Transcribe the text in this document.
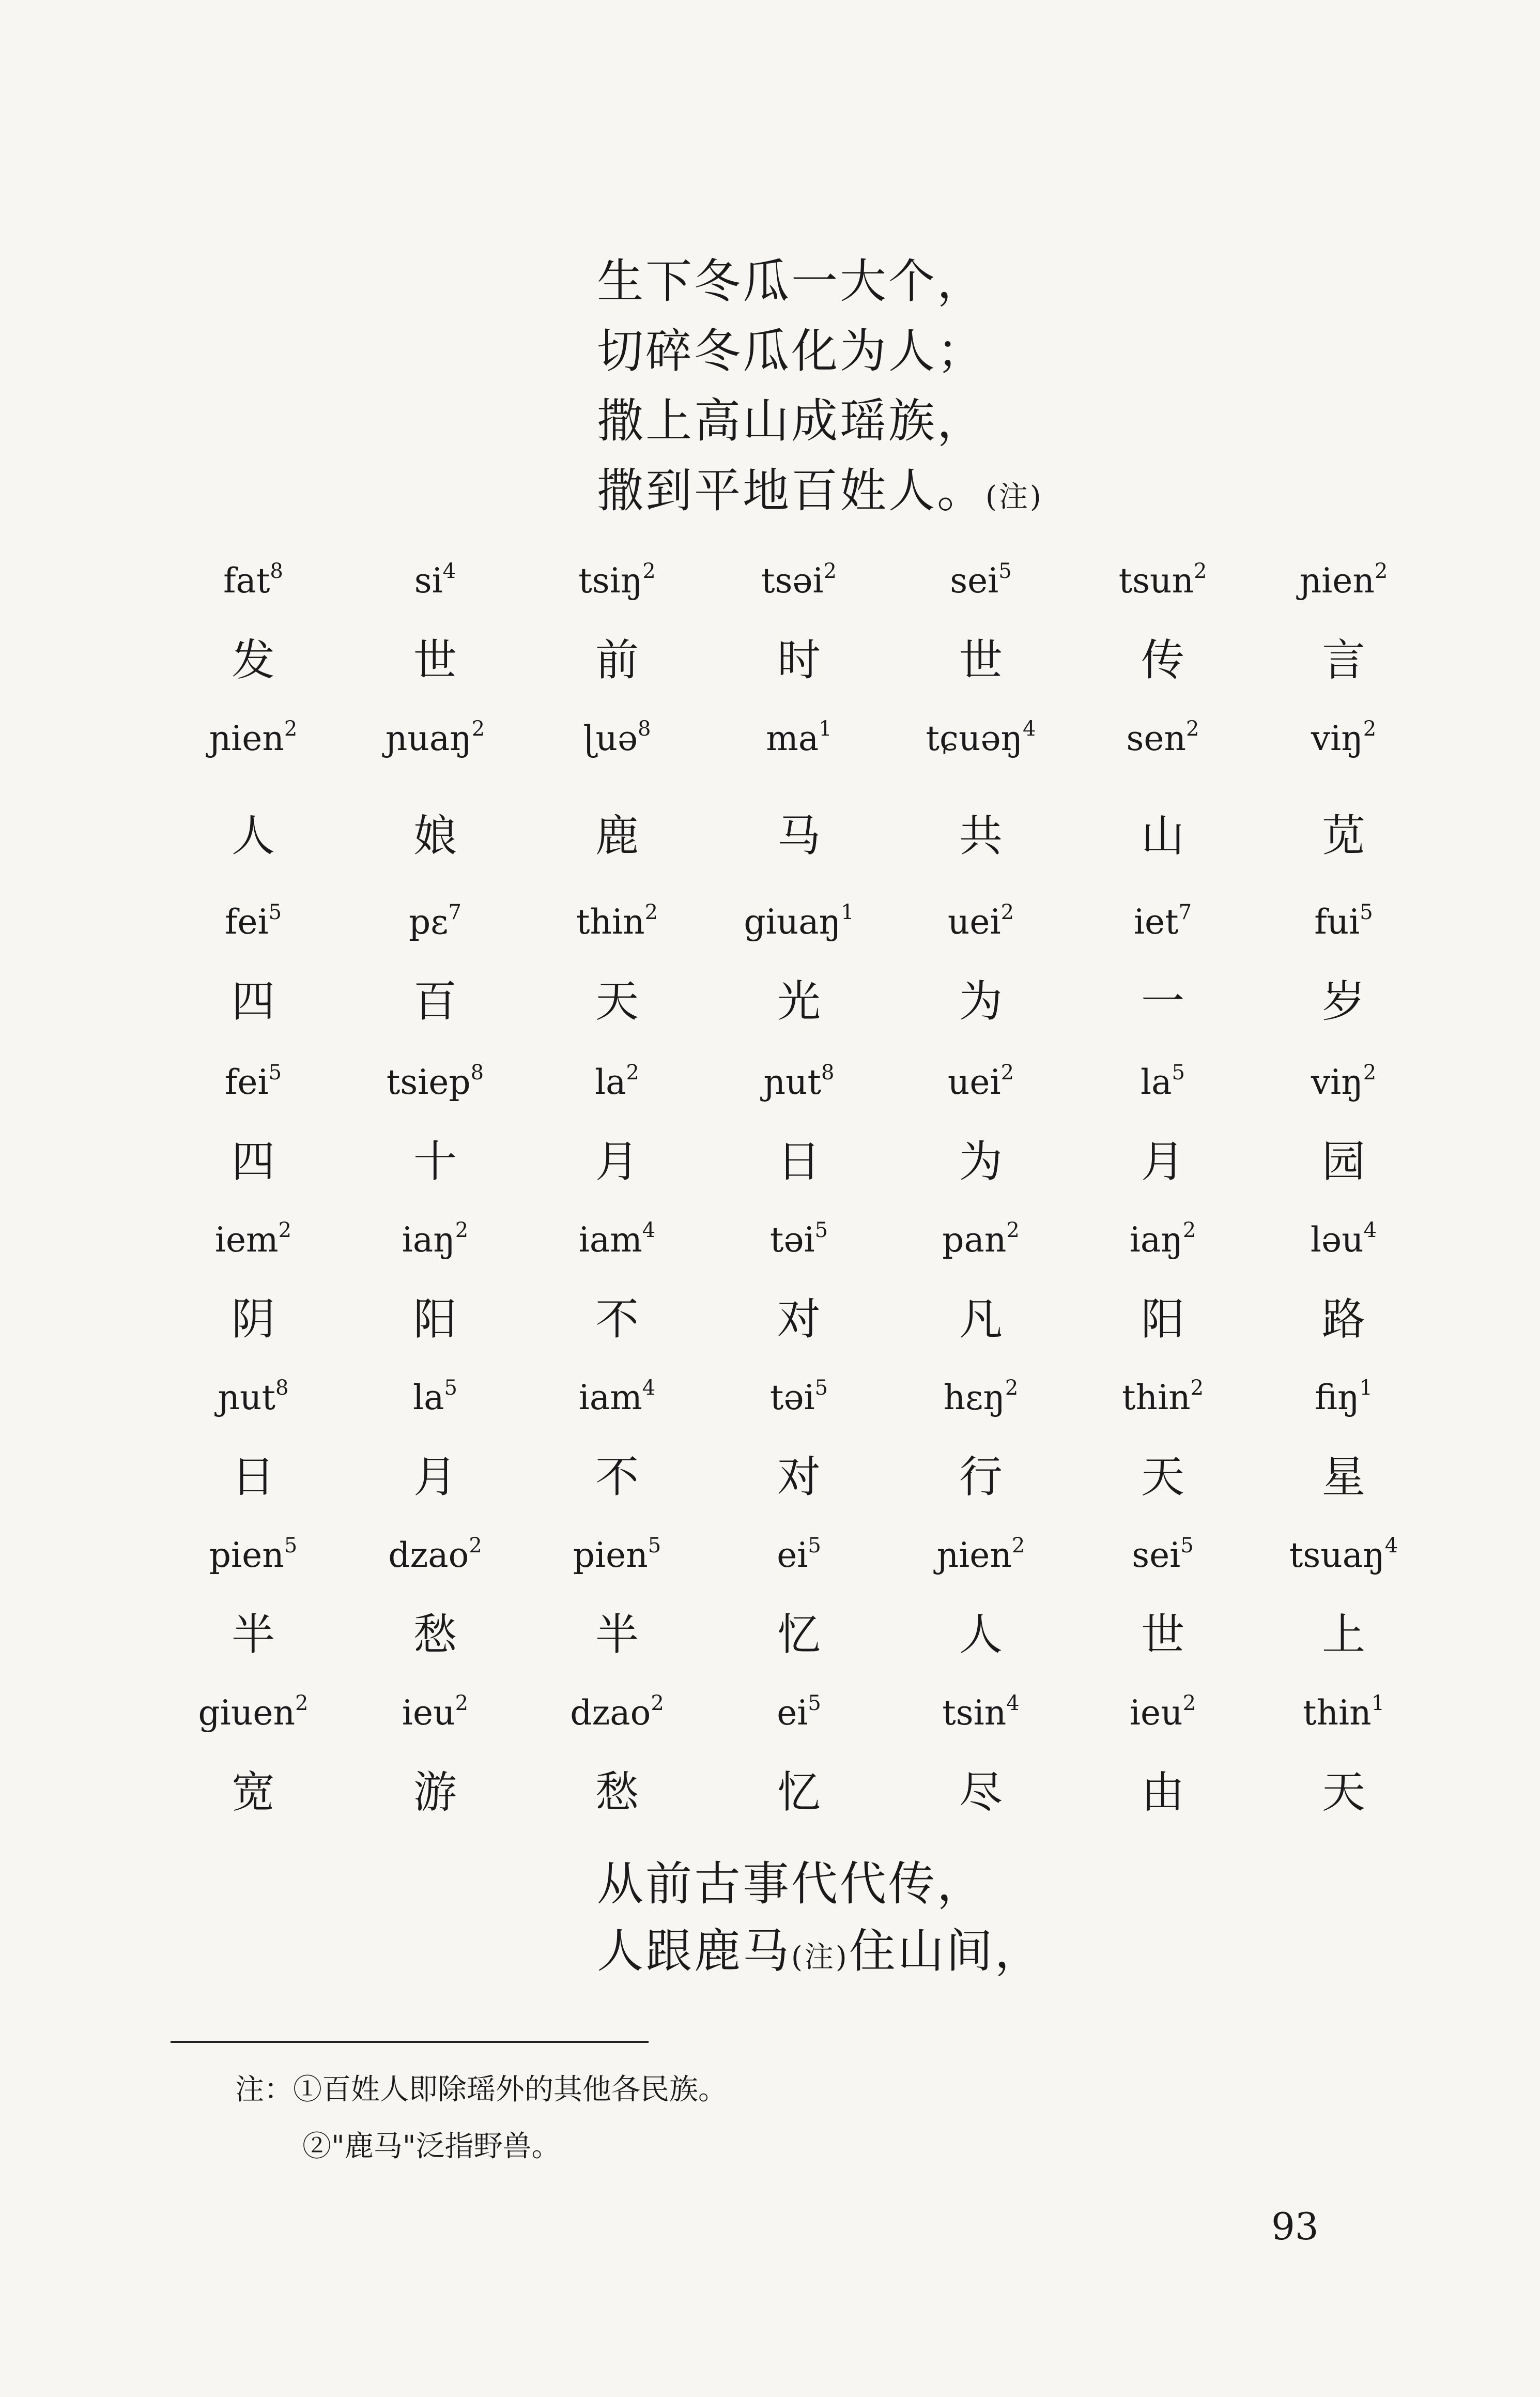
生下冬瓜一大个，
切碎冬瓜化为人；
撒上高山成瑶族，
撒到平地百姓人。(注)
fat$^8$	$si^4$	tsiŋ$^2$	tsəi$^2$	sei$^5$	tsun$^2$	ɲien$^2$
发	世	前	时	世	传	言
ɲien$^2$	ɲuaŋ$^2$	ɭuə$^8$	$ma^1$	tɕuəŋ$^4$	sen$^2$	viŋ$^2$
人	娘	鹿	马	共	山	苋
fei$^5$	pɛ$^7$	thin$^2$	giuaŋ$^1$	uei$^2$	iet$^7$	fui$^5$
四	百	天	光	为	一	岁
fei$^5$	tsiep$^8$	$la^2$	ɲut$^8$	uei$^2$	$la^5$	viŋ$^2$
四	十	月	日	为	月	园
iem$^2$	iaŋ$^2$	iam$^4$	təi$^5$	pan$^2$	iaŋ$^2$	ləu$^4$
阴	阳	不	对	凡	阳	路
ɲut$^8$	$la^5$	iam$^4$	təi$^5$	hɛŋ$^2$	thin$^2$	fiŋ$^1$
日	月	不	对	行	天	星
pien$^5$	dzao$^2$	pien$^5$	$ei^5$	ɲien$^2$	sei$^5$	tsuaŋ$^4$
半	愁	半	忆	人	世	上
giuen$^2$	ieu$^2$	dzao$^2$	$ei^5$	tsin$^4$	ieu$^2$	thin$^1$
宽	游	愁	忆	尽	由	天
从前古事代代传，
人跟鹿马(注)住山间，
注：①百姓人即除瑶外的其他各民族。
②"鹿马"泛指野兽。
93
